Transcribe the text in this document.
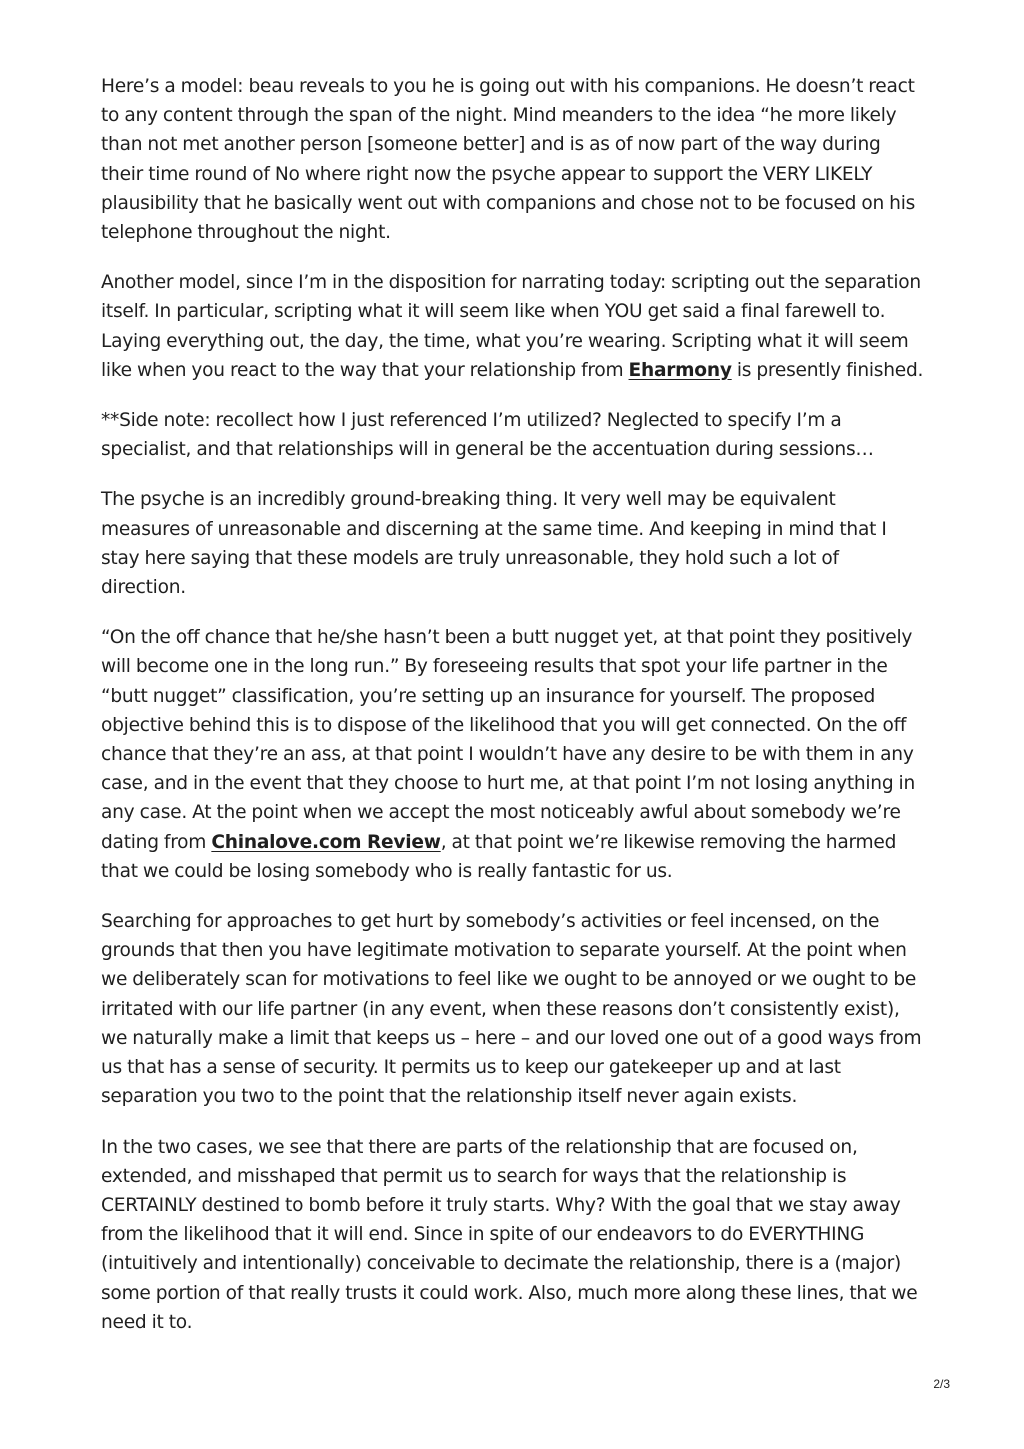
Here’s a model: beau reveals to you he is going out with his companions. He doesn’t react to any content through the span of the night. Mind meanders to the idea “he more likely than not met another person [someone better] and is as of now part of the way during their time round of No where right now the psyche appear to support the VERY LIKELY plausibility that he basically went out with companions and chose not to be focused on his telephone throughout the night.

Another model, since I’m in the disposition for narrating today: scripting out the separation itself. In particular, scripting what it will seem like when YOU get said a final farewell to. Laying everything out, the day, the time, what you’re wearing. Scripting what it will seem like when you react to the way that your relationship from Eharmony is presently finished.

**Side note: recollect how I just referenced I’m utilized? Neglected to specify I’m a specialist, and that relationships will in general be the accentuation during sessions…

The psyche is an incredibly ground-breaking thing. It very well may be equivalent measures of unreasonable and discerning at the same time. And keeping in mind that I stay here saying that these models are truly unreasonable, they hold such a lot of direction.

“On the off chance that he/she hasn’t been a butt nugget yet, at that point they positively will become one in the long run.” By foreseeing results that spot your life partner in the “butt nugget” classification, you’re setting up an insurance for yourself. The proposed objective behind this is to dispose of the likelihood that you will get connected. On the off chance that they’re an ass, at that point I wouldn’t have any desire to be with them in any case, and in the event that they choose to hurt me, at that point I’m not losing anything in any case. At the point when we accept the most noticeably awful about somebody we’re dating from Chinalove.com Review, at that point we’re likewise removing the harmed that we could be losing somebody who is really fantastic for us.

Searching for approaches to get hurt by somebody’s activities or feel incensed, on the grounds that then you have legitimate motivation to separate yourself. At the point when we deliberately scan for motivations to feel like we ought to be annoyed or we ought to be irritated with our life partner (in any event, when these reasons don’t consistently exist), we naturally make a limit that keeps us – here – and our loved one out of a good ways from us that has a sense of security. It permits us to keep our gatekeeper up and at last separation you two to the point that the relationship itself never again exists.

In the two cases, we see that there are parts of the relationship that are focused on, extended, and misshaped that permit us to search for ways that the relationship is CERTAINLY destined to bomb before it truly starts. Why? With the goal that we stay away from the likelihood that it will end. Since in spite of our endeavors to do EVERYTHING (intuitively and intentionally) conceivable to decimate the relationship, there is a (major) some portion of that really trusts it could work. Also, much more along these lines, that we need it to.

2/3
